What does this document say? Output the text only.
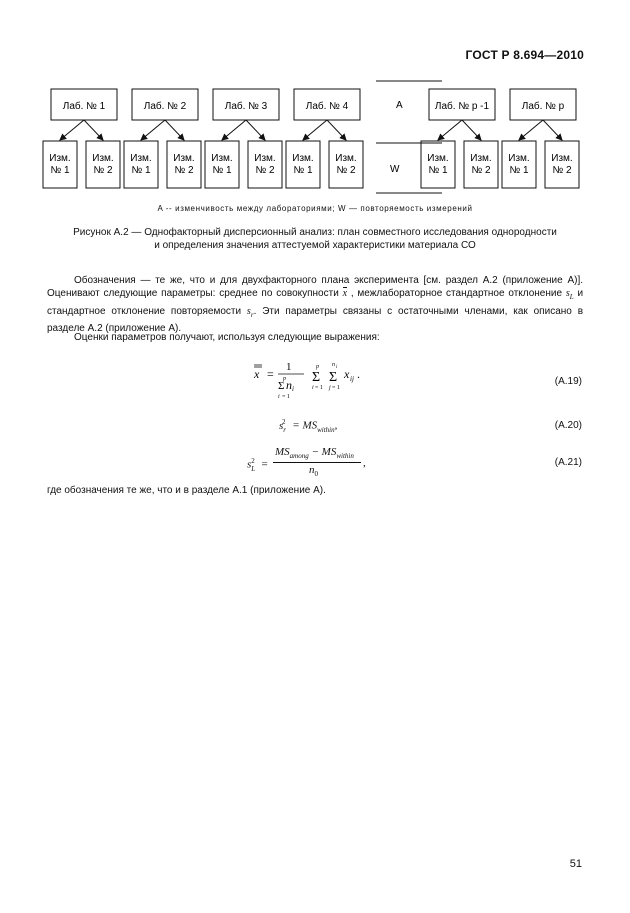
ГОСТ Р 8.694—2010
Лаб. № 1
Изм.
№ 1
Изм.
№ 2
Лаб. № 2
Изм.
№ 1
Изм.
№ 2
Лаб. № 3
Изм.
№ 1
Изм.
№ 2
Лаб. № 4
Изм.
№ 1
Изм.
№ 2
Лаб. № p -1
Изм.
№ 1
Изм.
№ 2
Лаб. № p
Изм.
№ 1
Изм.
№ 2
A
W
A -- изменчивость между лабораториями; W — повторяемость измерений
Рисунок A.2 — Однофакторный дисперсионный анализ: план совместного исследования однородности
и определения значения аттестуемой характеристики материала СО
Обозначения — те же, что и для двухфакторного плана эксперимента [см. раздел А.2 (приложение А)]. Оценивают следующие параметры: среднее по совокупности x , межлабораторное стандартное отклонение $s_L$ и стандартное отклонение повторяемости $s_r$. Эти параметры связаны с остаточными членами, как описано в разделе А.2 (приложение А).
Оценки параметров получают, используя следующие выражения:
x = 1
Σ
p n i
i = 1
Σ
p
i = 1
Σ
n i
j = 1
x ij .
(A.19)
$s_r^2 = MS_{within}$,	(A.20)
$s_L^2$ =
$MS_{among} - MS_{within}$
$n_0$
,	(A.21)
где обозначения те же, что и в разделе А.1 (приложение А).
51
